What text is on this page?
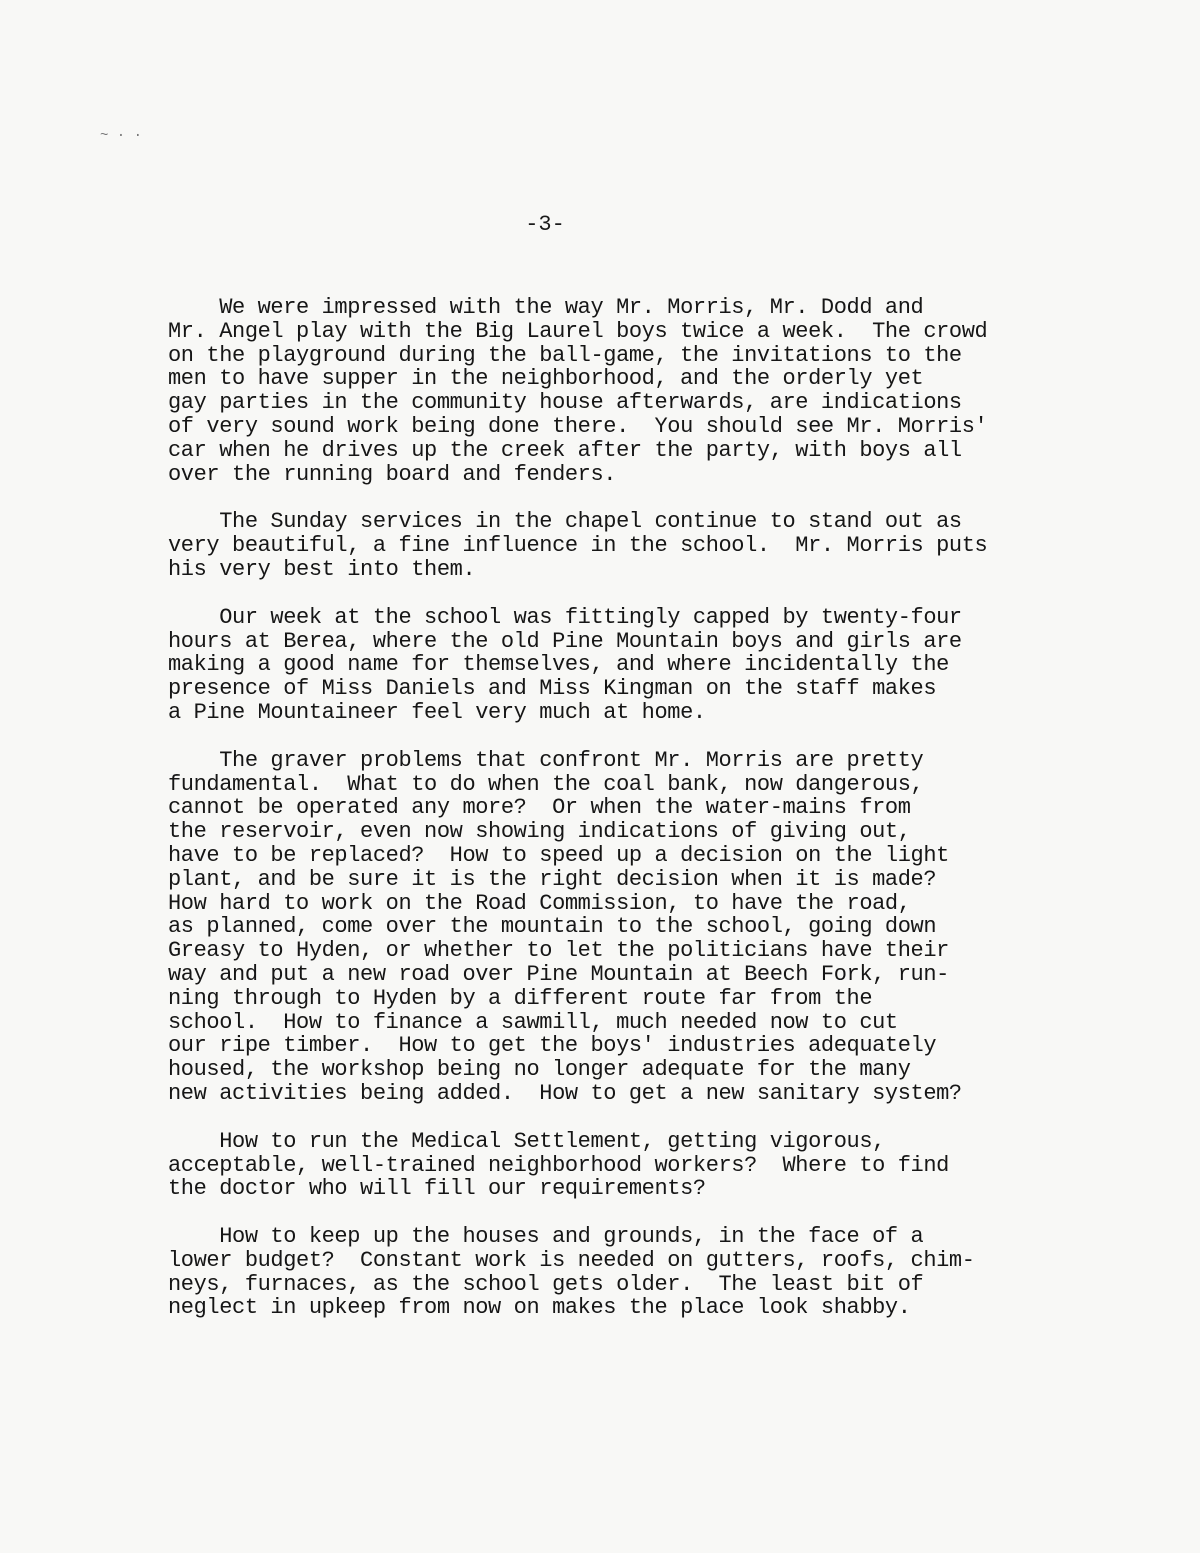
~ · ·
-3-
We were impressed with the way Mr. Morris, Mr. Dodd and
Mr. Angel play with the Big Laurel boys twice a week.  The crowd
on the playground during the ball-game, the invitations to the
men to have supper in the neighborhood, and the orderly yet
gay parties in the community house afterwards, are indications
of very sound work being done there.  You should see Mr. Morris'
car when he drives up the creek after the party, with boys all
over the running board and fenders.
The Sunday services in the chapel continue to stand out as
very beautiful, a fine influence in the school.  Mr. Morris puts
his very best into them.
Our week at the school was fittingly capped by twenty-four
hours at Berea, where the old Pine Mountain boys and girls are
making a good name for themselves, and where incidentally the
presence of Miss Daniels and Miss Kingman on the staff makes
a Pine Mountaineer feel very much at home.
The graver problems that confront Mr. Morris are pretty
fundamental.  What to do when the coal bank, now dangerous,
cannot be operated any more?  Or when the water-mains from
the reservoir, even now showing indications of giving out,
have to be replaced?  How to speed up a decision on the light
plant, and be sure it is the right decision when it is made?
How hard to work on the Road Commission, to have the road,
as planned, come over the mountain to the school, going down
Greasy to Hyden, or whether to let the politicians have their
way and put a new road over Pine Mountain at Beech Fork, run-
ning through to Hyden by a different route far from the
school.  How to finance a sawmill, much needed now to cut
our ripe timber.  How to get the boys' industries adequately
housed, the workshop being no longer adequate for the many
new activities being added.  How to get a new sanitary system?
How to run the Medical Settlement, getting vigorous,
acceptable, well-trained neighborhood workers?  Where to find
the doctor who will fill our requirements?
How to keep up the houses and grounds, in the face of a
lower budget?  Constant work is needed on gutters, roofs, chim-
neys, furnaces, as the school gets older.  The least bit of
neglect in upkeep from now on makes the place look shabby.
